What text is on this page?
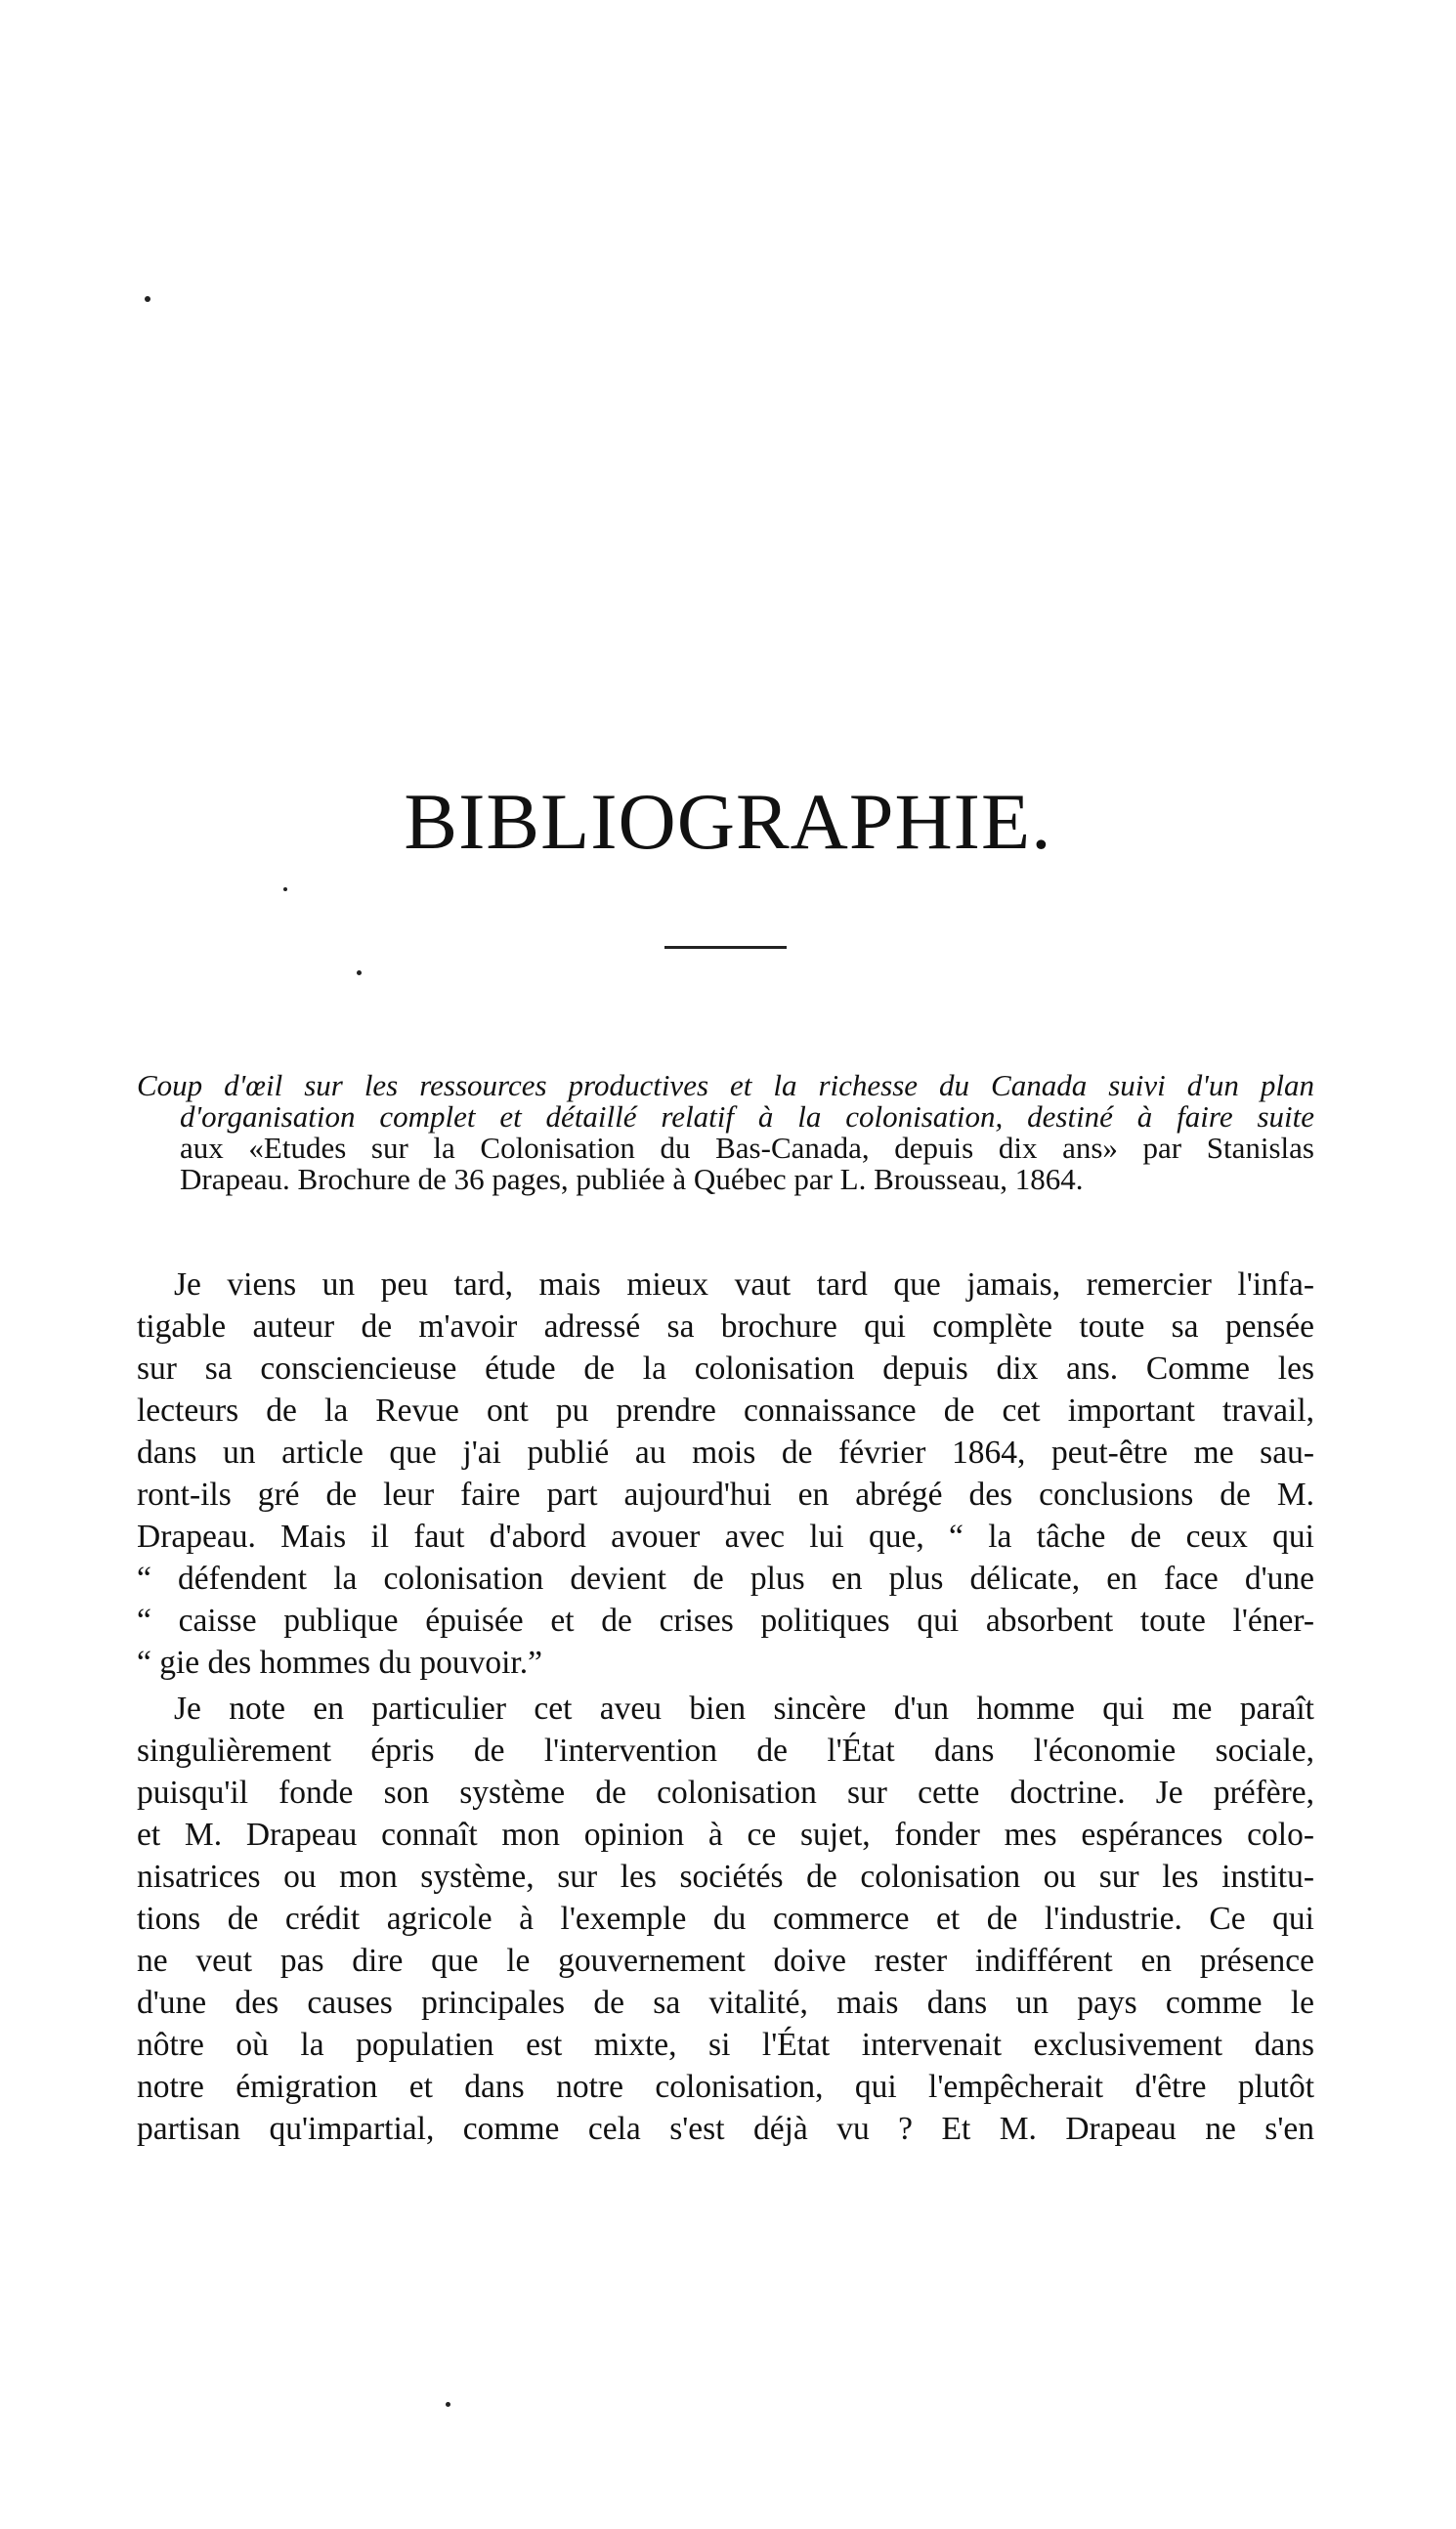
BIBLIOGRAPHIE.
Coup d'œil sur les ressources productives et la richesse du Canada suivi d'un plan
d'organisation complet et détaillé relatif à la colonisation, destiné à faire suite
aux «Etudes sur la Colonisation du Bas-Canada, depuis dix ans» par Stanislas
Drapeau. Brochure de 36 pages, publiée à Québec par L. Brousseau, 1864.
Je viens un peu tard, mais mieux vaut tard que jamais, remercier l'infa-
tigable auteur de m'avoir adressé sa brochure qui complète toute sa pensée
sur sa consciencieuse étude de la colonisation depuis dix ans. Comme les
lecteurs de la Revue ont pu prendre connaissance de cet important travail,
dans un article que j'ai publié au mois de février 1864, peut-être me sau-
ront-ils gré de leur faire part aujourd'hui en abrégé des conclusions de M.
Drapeau. Mais il faut d'abord avouer avec lui que, “ la tâche de ceux qui
“ défendent la colonisation devient de plus en plus délicate, en face d'une
“ caisse publique épuisée et de crises politiques qui absorbent toute l'éner-
“ gie des hommes du pouvoir.”
Je note en particulier cet aveu bien sincère d'un homme qui me paraît
singulièrement épris de l'intervention de l'État dans l'économie sociale,
puisqu'il fonde son système de colonisation sur cette doctrine. Je préfère,
et M. Drapeau connaît mon opinion à ce sujet, fonder mes espérances colo-
nisatrices ou mon système, sur les sociétés de colonisation ou sur les institu-
tions de crédit agricole à l'exemple du commerce et de l'industrie. Ce qui
ne veut pas dire que le gouvernement doive rester indifférent en présence
d'une des causes principales de sa vitalité, mais dans un pays comme le
nôtre où la populatien est mixte, si l'État intervenait exclusivement dans
notre émigration et dans notre colonisation, qui l'empêcherait d'être plutôt
partisan qu'impartial, comme cela s'est déjà vu ? Et M. Drapeau ne s'en
